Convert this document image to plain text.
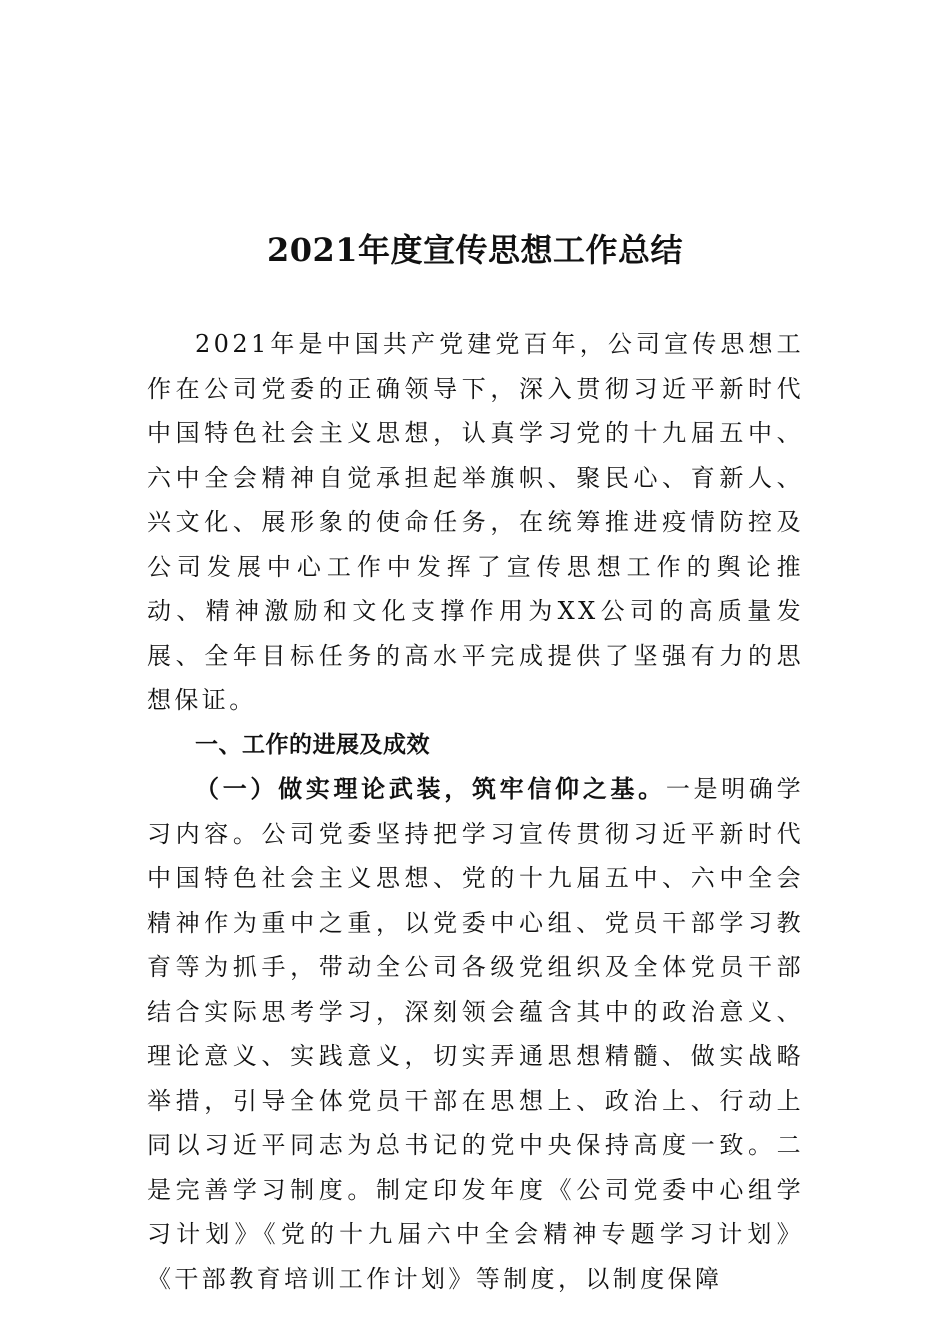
2021年度宣传思想工作总结

2021年是中国共产党建党百年，公司宣传思想工作在公司党委的正确领导下，深入贯彻习近平新时代中国特色社会主义思想，认真学习党的十九届五中、六中全会精神自觉承担起举旗帜、聚民心、育新人、兴文化、展形象的使命任务，在统筹推进疫情防控及公司发展中心工作中发挥了宣传思想工作的舆论推动、精神激励和文化支撑作用为XX公司的高质量发展、全年目标任务的高水平完成提供了坚强有力的思想保证。

一、工作的进展及成效

（一）做实理论武装，筑牢信仰之基。一是明确学习内容。公司党委坚持把学习宣传贯彻习近平新时代中国特色社会主义思想、党的十九届五中、六中全会精神作为重中之重，以党委中心组、党员干部学习教育等为抓手，带动全公司各级党组织及全体党员干部结合实际思考学习，深刻领会蕴含其中的政治意义、理论意义、实践意义，切实弄通思想精髓、做实战略举措，引导全体党员干部在思想上、政治上、行动上同以习近平同志为总书记的党中央保持高度一致。二是完善学习制度。制定印发年度《公司党委中心组学习计划》《党的十九届六中全会精神专题学习计划》《干部教育培训工作计划》等制度，以制度保障
